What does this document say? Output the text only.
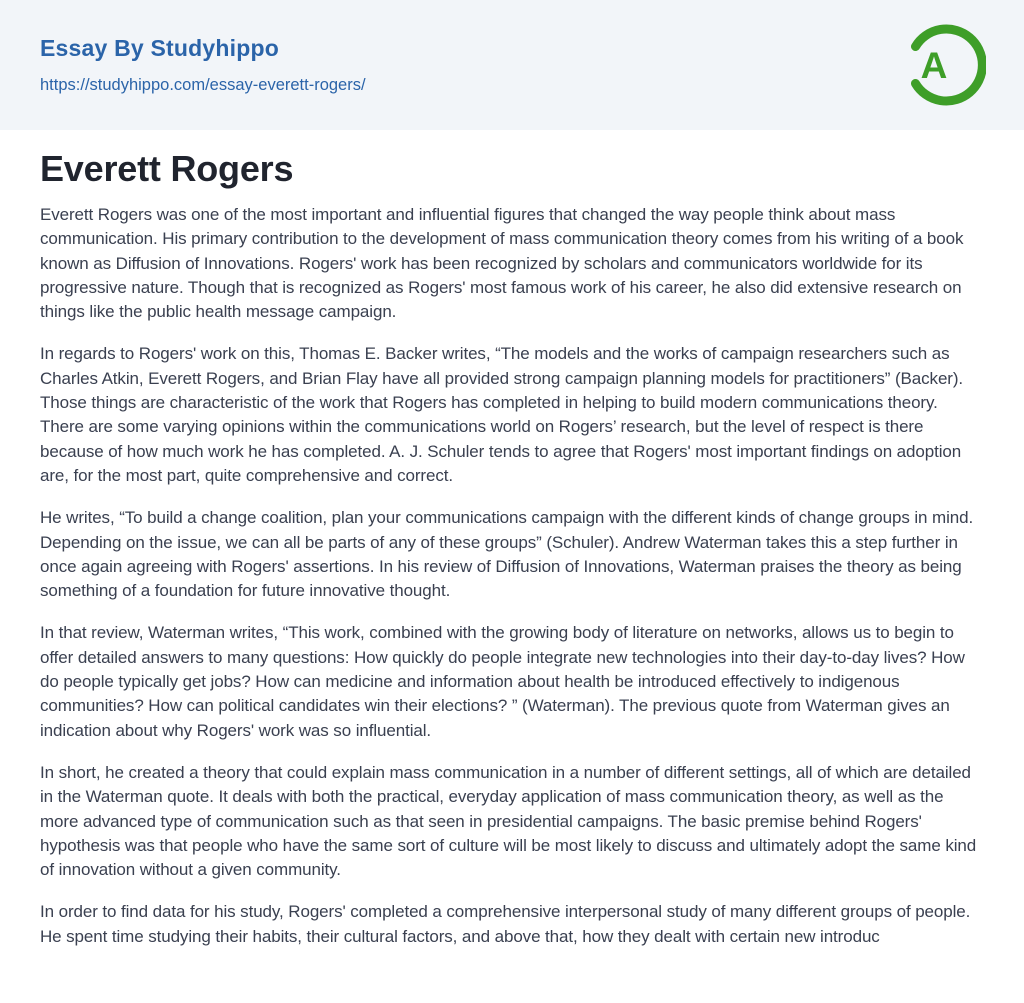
Essay By Studyhippo
https://studyhippo.com/essay-everett-rogers/	A
Everett Rogers

Everett Rogers was one of the most important and influential figures that changed the way people think about mass communication. His primary contribution to the development of mass communication theory comes from his writing of a book known as Diffusion of Innovations. Rogers' work has been recognized by scholars and communicators worldwide for its progressive nature. Though that is recognized as Rogers' most famous work of his career, he also did extensive research on things like the public health message campaign.

In regards to Rogers' work on this, Thomas E. Backer writes, “The models and the works of campaign researchers such as Charles Atkin, Everett Rogers, and Brian Flay have all provided strong campaign planning models for practitioners” (Backer). Those things are characteristic of the work that Rogers has completed in helping to build modern communications theory. There are some varying opinions within the communications world on Rogers’ research, but the level of respect is there because of how much work he has completed. A. J. Schuler tends to agree that Rogers' most important findings on adoption are, for the most part, quite comprehensive and correct.

He writes, “To build a change coalition, plan your communications campaign with the different kinds of change groups in mind. Depending on the issue, we can all be parts of any of these groups” (Schuler). Andrew Waterman takes this a step further in once again agreeing with Rogers' assertions. In his review of Diffusion of Innovations, Waterman praises the theory as being something of a foundation for future innovative thought.

In that review, Waterman writes, “This work, combined with the growing body of literature on networks, allows us to begin to offer detailed answers to many questions: How quickly do people integrate new technologies into their day-to-day lives? How do people typically get jobs? How can medicine and information about health be introduced effectively to indigenous communities? How can political candidates win their elections? ” (Waterman). The previous quote from Waterman gives an indication about why Rogers' work was so influential.

In short, he created a theory that could explain mass communication in a number of different settings, all of which are detailed in the Waterman quote. It deals with both the practical, everyday application of mass communication theory, as well as the more advanced type of communication such as that seen in presidential campaigns. The basic premise behind Rogers' hypothesis was that people who have the same sort of culture will be most likely to discuss and ultimately adopt the same kind of innovation without a given community.

In order to find data for his study, Rogers' completed a comprehensive interpersonal study of many different groups of people. He spent time studying their habits, their cultural factors, and above that, how they dealt with certain new introduc
